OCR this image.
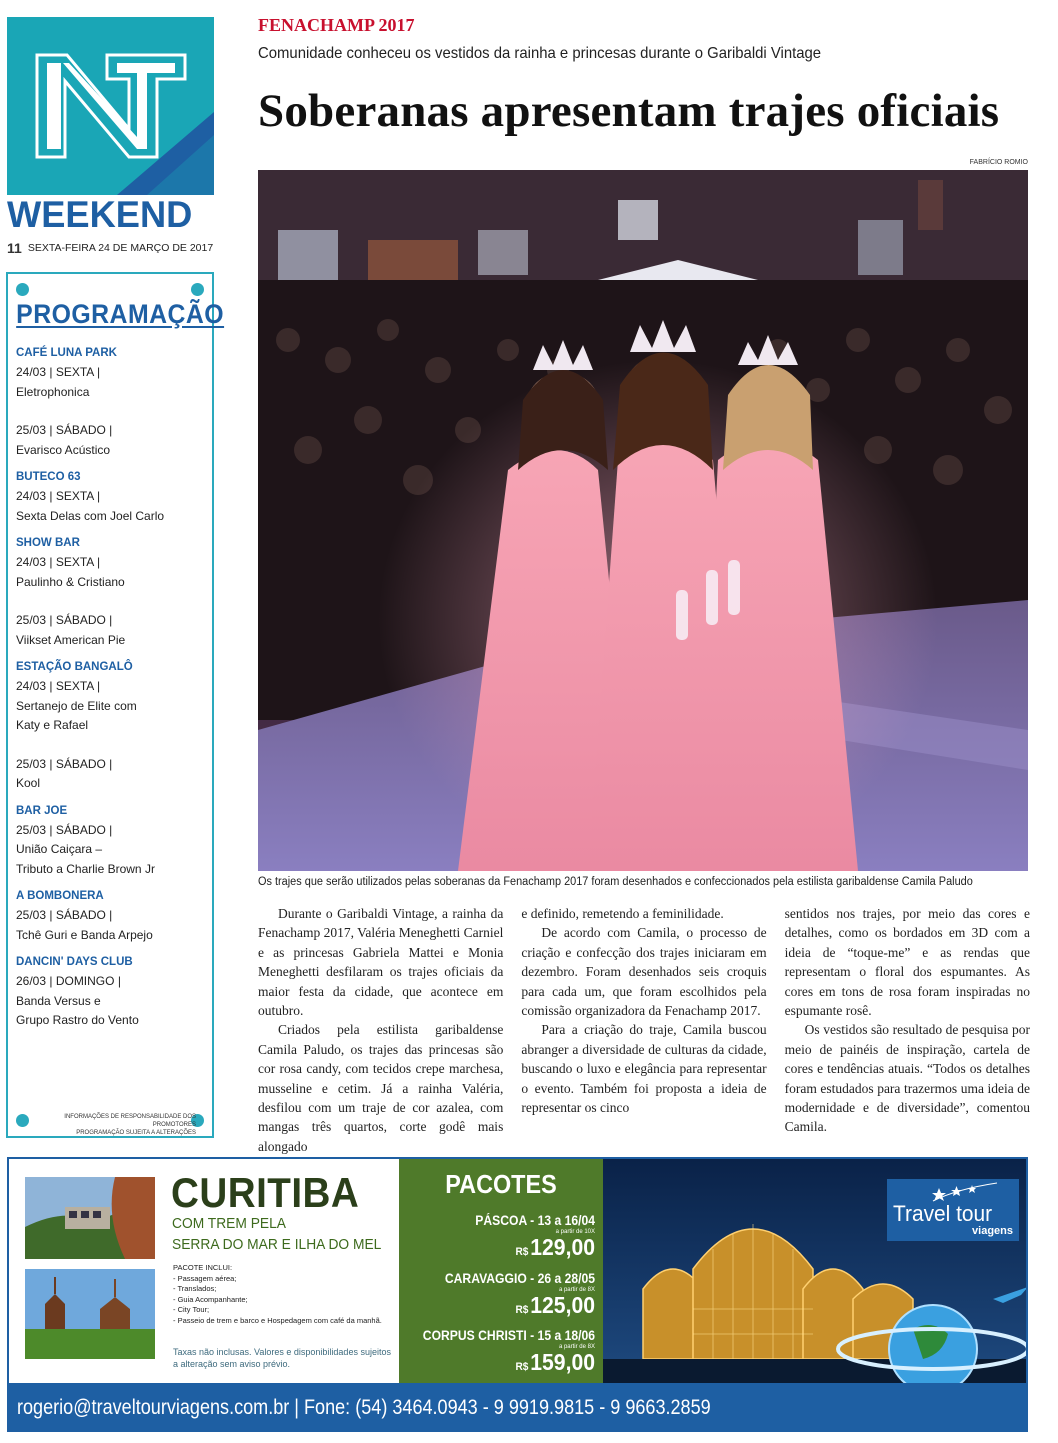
WEEKEND
11 SEXTA-FEIRA 24 DE MARÇO DE 2017
PROGRAMAÇÃO
CAFÉ LUNA PARK
24/03 | SEXTA |
Eletrophonica
25/03 | SÁBADO |
Evarisco Acústico
BUTECO 63
24/03 | SEXTA |
Sexta Delas com Joel Carlo
SHOW BAR
24/03 | SEXTA |
Paulinho & Cristiano
25/03 | SÁBADO |
Viikset American Pie
ESTAÇÃO BANGALÔ
24/03 | SEXTA |
Sertanejo de Elite com
Katy e Rafael
25/03 | SÁBADO |
Kool
BAR JOE
25/03 | SÁBADO |
União Caiçara –
Tributo a Charlie Brown Jr
A BOMBONERA
25/03 | SÁBADO |
Tchê Guri e Banda Arpejo
DANCIN' DAYS CLUB
26/03 | DOMINGO |
Banda Versus e
Grupo Rastro do Vento
INFORMAÇÕES DE RESPONSABILIDADE DOS PROMOTORES
PROGRAMAÇÃO SUJEITA A ALTERAÇÕES
FENACHAMP 2017
Comunidade conheceu os vestidos da rainha e princesas durante o Garibaldi Vintage
Soberanas apresentam trajes oficiais
FABRÍCIO ROMIO
Os trajes que serão utilizados pelas soberanas da Fenachamp 2017 foram desenhados e confeccionados pela estilista garibaldense Camila Paludo

Durante o Garibaldi Vintage, a rainha da Fenachamp 2017, Valéria Meneghetti Carniel e as princesas Gabriela Mattei e Monia Meneghetti desfilaram os trajes oficiais da maior festa da cidade, que acontece em outubro.

Criados pela estilista garibaldense Camila Paludo, os trajes das princesas são cor rosa candy, com tecidos crepe marchesa, musseline e cetim. Já a rainha Valéria, desfilou com um traje de cor azalea, com mangas três quartos, corte godê mais alongado

e definido, remetendo a feminilidade.

De acordo com Camila, o processo de criação e confecção dos trajes iniciaram em dezembro. Foram desenhados seis croquis para cada um, que foram escolhidos pela comissão organizadora da Fenachamp 2017.

Para a criação do traje, Camila buscou abranger a diversidade de culturas da cidade, buscando o luxo e elegância para representar o evento. Também foi proposta a ideia de representar os cinco

sentidos nos trajes, por meio das cores e detalhes, como os bordados em 3D com a ideia de “toque-me” e as rendas que representam o floral dos espumantes. As cores em tons de rosa foram inspiradas no espumante rosê.

Os vestidos são resultado de pesquisa por meio de painéis de inspiração, cartela de cores e tendências atuais. “Todos os detalhes foram estudados para trazermos uma ideia de modernidade e de diversidade”, comentou Camila.

CURITIBA
COM TREM PELA
SERRA DO MAR E ILHA DO MEL
PACOTE INCLUI:
- Passagem aérea;
- Translados;
- Guia Acompanhante;
- City Tour;
- Passeio de trem e barco e Hospedagem com café da manhã.
Taxas não inclusas. Valores e disponibilidades sujeitos a alteração sem aviso prévio.
PACOTES
PÁSCOA - 13 a 16/04
a partir de 10X
R$129,00
CARAVAGGIO - 26 a 28/05
a partir de 8X
R$125,00
CORPUS CHRISTI - 15 a 18/06
a partir de 8X
R$159,00
Travel tour
viagens
rogerio@traveltourviagens.com.br | Fone: (54) 3464.0943 - 9 9919.9815 - 9 9663.2859
